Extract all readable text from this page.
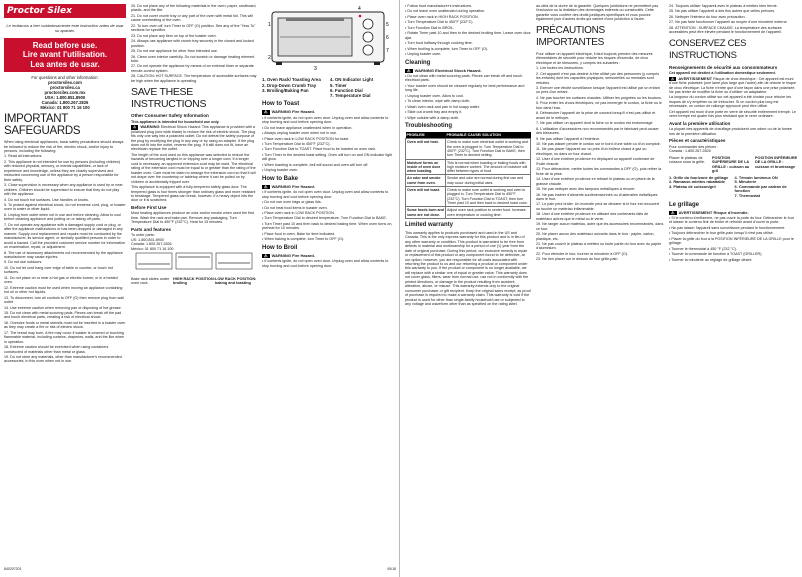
Proctor Silex
Le invitamos a leer cuidadosamente este instructivo antes de usar su aparato.
Read before use.
Lire avant l'utilisation.
Lea antes de usar.
For questions and other information:
proctorsilex.com
proctorsilex.ca
proctorsilex.com.mx
USA: 1.800.851.8900
Canada: 1.800.267.2826
México: 01 800 71 16 100
IMPORTANT SAFEGUARDS

When using electrical appliances, basic safety precautions should always be followed to reduce the risk of fire, electric shock, and/or injury to persons, including the following:

1. Read all instructions.

2. This appliance is not intended for use by persons (including children) with reduced physical, sensory, or mental capabilities, or lack of experience and knowledge, unless they are closely supervised and instructed concerning use of the appliance by a person responsible for their safety.

3. Close supervision is necessary when any appliance is used by or near children. Children should be supervised to ensure that they do not play with the appliance.

4. Do not touch hot surfaces. Use handles or knobs.

5. To protect against electrical shock, do not immerse cord, plug, or toaster oven in water or other liquid.

6. Unplug from outlet when not in use and before cleaning. Allow to cool before cleaning appliance and putting on or taking off parts.

7. Do not operate any appliance with a damaged supply cord or plug, or after the appliance malfunctions or has been dropped or damaged in any manner. Supply cord replacement and repairs must be conducted by the manufacturer, its service agent, or similarly qualified persons in order to avoid a hazard. Call the provided customer service number for information on examination, repair, or adjustment.

8. The use of accessory attachments not recommended by the appliance manufacturer may cause injuries.

9. Do not use outdoors.

10. Do not let cord hang over edge of table or counter, or touch hot surfaces.

11. Do not place on or near a hot gas or electric burner, or in a heated oven.

12. Extreme caution must be used when moving an appliance containing hot oil or other hot liquids.

13. To disconnect, turn all controls to OFF (O) then remove plug from wall outlet.

14. Use extreme caution when removing pan or disposing of hot grease.

15. Do not clean with metal scouring pads. Pieces can break off the pad and touch electrical parts, creating a risk of electrical shock.

16. Oversize foods or metal utensils must not be inserted in a toaster oven as they may create a fire or risk of electric shock.

17. The bread may burn. A fire may occur if toaster is covered or touching flammable material, including curtains, draperies, walls, and the like when in operation.

18. Extreme caution should be exercised when using containers constructed of materials other than metal or glass.

19. Do not store any materials, other than manufacturer's recommended accessories, in this oven when not in use.

840207201

20. Do not place any of the following materials in the oven: paper, cardboard, plastic, and the like.

21. Do not cover crumb tray or any part of the oven with metal foil. This will cause overheating of the oven.

22. To turn oven off, turn Timer to OFF (O) position. See any of the "How To" sections for specifics.

23. Do not place any item on top of the toaster oven.

24. Always use appliance with crumb tray securely in the closed and locked position.

25. Do not use appliance for other than intended use.

26. Clean oven interior carefully. Do not scratch or damage heating element tube.

27. Do not operate the appliance by means of an external timer or separate remote-control system.

28. CAUTION: HOT SURFACE. The temperature of accessible surfaces may be high when the appliance is operating.

SAVE THESE INSTRUCTIONS
Other Consumer Safety Information

This appliance is intended for household use only.

⚠ WARNING Electrical Shock Hazard: This appliance is provided with a polarized plug (one wide blade) to reduce the risk of electric shock. The plug fits only one way into a polarized outlet. Do not defeat the safety purpose of the plug by modifying the plug in any way or by using an adapter. If the plug does not fit into the outlet, reverse the plug. If it still does not fit, have an electrician replace the outlet.

The length of the cord used on this appliance was selected to reduce the hazards of becoming tangled in or tripping over a longer cord. If a longer cord is necessary, an approved extension cord may be used. The electrical rating of the extension cord must be equal to or greater than the rating of the toaster oven. Care must be taken to arrange the extension cord so that it will not drape over the countertop or tabletop where it can be pulled on by children or accidentally tripped over.

This appliance is equipped with a fully-tempered safety glass door. The tempered glass is four times stronger than ordinary glass and more resistant to breakage. Tempered glass can break, however, if a heavy object hits the door or it is scratched.

Before First Use

Most heating appliances produce an odor and/or smoke when used the first time. Wash the rack and bake pan. Remove any packaging. Turn Temperature Dial to 450°F (232°C). Heat for 15 minutes.

Parts and features
To order parts:
US: 1.800.851.8900
Canada: 1.800.267.2826
México: 01 800 71 16 100
Bake rack slides under oven rack.
HIGH RACK POSITION: broiling
LOW RACK POSITION: baking and toasting
1
2
3
4
5
6
7
1. Oven Rack/ Toasting Area	4. ON Indicator Light
2. Drop-Down Crumb Tray	5. Timer
3. Broiling/Baking Pan	6. Function Dial
7. Temperature Dial
How to Toast

⚠ WARNING Fire Hazard.

• If contents ignite, do not open oven door. Unplug oven and allow contents to stop burning and cool before opening door.

• Do not leave appliance unattended when in operation.

• Always unplug toaster oven when not in use.

• Place oven rack in LOW RACK POSITION for toast.

• Turn Temperature Dial to 450°F (232°C).

• Turn Function Dial to TOAST. Place food to be toasted on oven rack.

• Turn Timer to the desired toast setting. Oven will turn on and ON indicator light will glow.

• When toasting is complete, bell will sound and oven will turn off.

• Unplug toaster oven.

How to Bake

⚠ WARNING Fire Hazard.

• If contents ignite, do not open oven door. Unplug oven and allow contents to stop burning and cool before opening door.

• Do not use oven bags or glass lids.

• Do not heat food items in toaster oven.

• Place oven rack in LOW RACK POSITION.

• Turn Temperature Dial to desired temperature. Turn Function Dial to BAKE.

• Turn Timer past 10 and then back to desired baking time. When oven turns on, preheat for 10 minutes.

• Place food in oven. Bake for time indicated.

• When baking is complete, turn Timer to OFF (O).

How to Broil

⚠ WARNING Fire Hazard.

• If contents ignite, do not open oven door. Unplug oven and allow contents to stop burning and cool before opening door.

09/18

• Follow food manufacturer's instructions.

• Do not leave oven unattended during operation.

• Place oven rack in HIGH RACK POSITION.

• Turn Temperature Dial to 450°F (232°C).

• Turn Function Dial to BROIL.

• Rotate Timer past 10 and then to the desired broiling time. Leave oven door ajar.

• Turn food halfway through cooking time.

• When broiling is complete, turn Timer to OFF (O).

• Unplug toaster oven.

Cleaning

⚠ WARNING Electrical Shock Hazard.

• Do not clean with metal scouring pads. Pieces can break off and touch electrical parts.

• Your toaster oven should be cleaned regularly for best performance and long life.

• Unplug toaster oven. Allow to cool.

• To clean interior, wipe with damp cloth.

• Wash oven rack and pan in hot soapy water.

• Slide out crumb tray and empty it.

• Wipe outside with a damp cloth.

Troubleshooting
PROBLEM	PROBABLE CAUSE/ SOLUTION
Oven will not heat.	Check to make sure electrical outlet is working and the oven is plugged in. Turn Temperature Dial to 450°F (232°C). Turn Function Dial to BAKE, then turn Timer to desired setting.
Moisture forms on inside of oven door when toasting.	This is normal when toasting or baking foods with high moisture content. The amount of moisture will differ between types of food.
An odor and smoke come from oven.	Smoke and odor are normal during first use and may occur during initial uses.
Oven will not toast.	Check to make sure outlet is working and oven is plugged in. Turn Temperature Dial to 450°F (232°C). Turn Function Dial to TOAST, then turn Timer past 10 and then back to desired toast color.
Some foods burn and some are not done.	Adjust oven rack position to center food. Increase oven temperature or cooking time.
Limited warranty

This warranty applies to products purchased and used in the US and Canada. This is the only express warranty for this product and is in lieu of any other warranty or condition. This product is warranted to be free from defects in material and workmanship for a period of one (1) year from the date of original purchase. During this period, our exclusive remedy is repair or replacement of this product or any component found to be defective, at our option; however, you are responsible for all costs associated with returning the product to us and our returning a product or component under this warranty to you. If the product or component is no longer available, we will replace with a similar one of equal or greater value. This warranty does not cover glass, filters, wear from normal use, use not in conformity with the printed directions, or damage to the product resulting from accident, alteration, abuse, or misuse. This warranty extends only to the original consumer purchaser or gift recipient. Keep the original sales receipt, as proof of purchase is required to make a warranty claim. This warranty is void if the product is used for other than single-family household use or subjected to any voltage and waveform other than as specified on the rating label.

au-delà de la durée de la garantie. Quelques juridictions ne permettent pas l'exclusion ou la limitation des dommages indirects ou consécutifs. Cette garantie vous confère des droits juridiques spécifiques et vous pouvez également jouir d'autres droits qui varient d'une juridiction à l'autre.

PRÉCAUTIONS IMPORTANTES

Pour utiliser un appareil électrique, il faut toujours prendre des mesures élémentaires de sécurité pour réduire les risques d'incendie, de choc électrique et de blessures, y compris les suivantes :

1. Lire toutes les instructions.

2. Cet appareil n'est pas destiné à être utilisé par des personnes (y compris les enfants) dont les capacités physiques, sensorielles ou mentales sont réduites.

3. Exercer une étroite surveillance lorsque l'appareil est utilisé par un enfant ou près d'un enfant.

4. Ne pas toucher les surfaces chaudes. Utiliser les poignées ou les boutons.

5. Pour éviter les chocs électriques, ne pas immerger le cordon, la fiche ou le four dans l'eau.

6. Débrancher l'appareil de la prise de courant lorsqu'il n'est pas utilisé et avant de le nettoyer.

7. Ne pas utiliser un appareil dont la fiche ou le cordon est endommagé.

8. L'utilisation d'accessoires non recommandés par le fabricant peut causer des blessures.

9. Ne pas utiliser l'appareil à l'extérieur.

10. Ne pas laisser pendre le cordon sur le bord d'une table ou d'un comptoir.

11. Ne pas placer l'appareil sur ou près d'un brûleur chaud à gaz ou électrique, ou dans un four chaud.

12. User d'une extrême prudence en déplaçant un appareil contenant de l'huile chaude.

13. Pour débrancher, mettre toutes les commandes à OFF (O), puis retirer la fiche de la prise.

14. User d'une extrême prudence en retirant le plateau ou en jetant de la graisse chaude.

15. Ne pas nettoyer avec des tampons métalliques à récurer.

16. Ne pas insérer d'aliments surdimensionnés ou d'ustensiles métalliques dans le four.

17. Le pain peut brûler. Un incendie peut se déclarer si le four est recouvert ou touche un matériau inflammable.

18. User d'une extrême prudence en utilisant des contenants faits de matériaux autres que le métal ou le verre.

19. Ne ranger aucun matériau, autre que les accessoires recommandés, dans ce four.

20. Ne placer aucun des matériaux suivants dans le four : papier, carton, plastique, etc.

21. Ne pas couvrir le plateau à miettes ou toute partie du four avec du papier d'aluminium.

22. Pour éteindre le four, tourner la minuterie à OFF (O).

23. Ne rien placer sur le dessus du four grille-pain.

24. Toujours utiliser l'appareil avec le plateau à miettes bien fermé.

25. Ne pas utiliser l'appareil à des fins autres que celles prévues.

26. Nettoyer l'intérieur du four avec précaution.

27. Ne pas faire fonctionner l'appareil au moyen d'une minuterie externe.

28. ATTENTION : SURFACE CHAUDE. La température des surfaces accessibles peut être élevée pendant le fonctionnement de l'appareil.

CONSERVEZ CES INSTRUCTIONS
Renseignements de sécurité aux consommateurs

Cet appareil est destiné à l'utilisation domestique seulement.

⚠ AVERTISSEMENT Risque de choc électrique : Cet appareil est muni d'une fiche polarisée (une lame plus large que l'autre) afin de réduire le risque de choc électrique. La fiche n'entre que d'une façon dans une prise polarisée. Ne pas tenter de modifier la fiche ou d'utiliser un adaptateur.

La longueur du cordon utilisé sur cet appareil a été choisie pour réduire les risques de s'y empêtrer ou de trébucher. Si un cordon plus long est nécessaire, un cordon de rallonge approuvé peut être utilisé.

Cet appareil est muni d'une porte en verre de sécurité entièrement trempé. Le verre trempé est quatre fois plus résistant que le verre ordinaire.

Avant la première utilisation

La plupart des appareils de chauffage produisent une odeur ou de la fumée lors de la première utilisation.

Pièces et caractéristiques
Pour commander des pièces :
Canada : 1.800.267.2826
Placer le plateau de cuisson sous la grille.
POSITION SUPÉRIEURE DE LA GRILLE : cuisson au gril
POSITION INFÉRIEURE DE LA GRILLE : cuisson et brunissage
1. Grille du four/zone de grillage	4. Témoin lumineux ON
2. Ramasse-miettes rabattable	5. Minuterie
3. Plateau de cuisson/gril	6. Commande par cadran de fonction
7. Thermostat
Le grillage

⚠ AVERTISSEMENT Risque d'incendie.

• Si le contenu s'enflamme, ne pas ouvrir la porte du four. Débrancher le four et laisser le contenu finir de brûler et refroidir avant d'ouvrir la porte.

• Ne pas laisser l'appareil sans surveillance pendant le fonctionnement.

• Toujours débrancher le four grille-pain lorsqu'il n'est pas utilisé.

• Placer la grille du four à la POSITION INFÉRIEURE DE LA GRILLE pour le grillage.

• Tourner le thermostat à 450 °F (232 °C).

• Tourner la commande de fonction à TOAST (GRILLER).

• Tourner la minuterie au réglage de grillage désiré.
